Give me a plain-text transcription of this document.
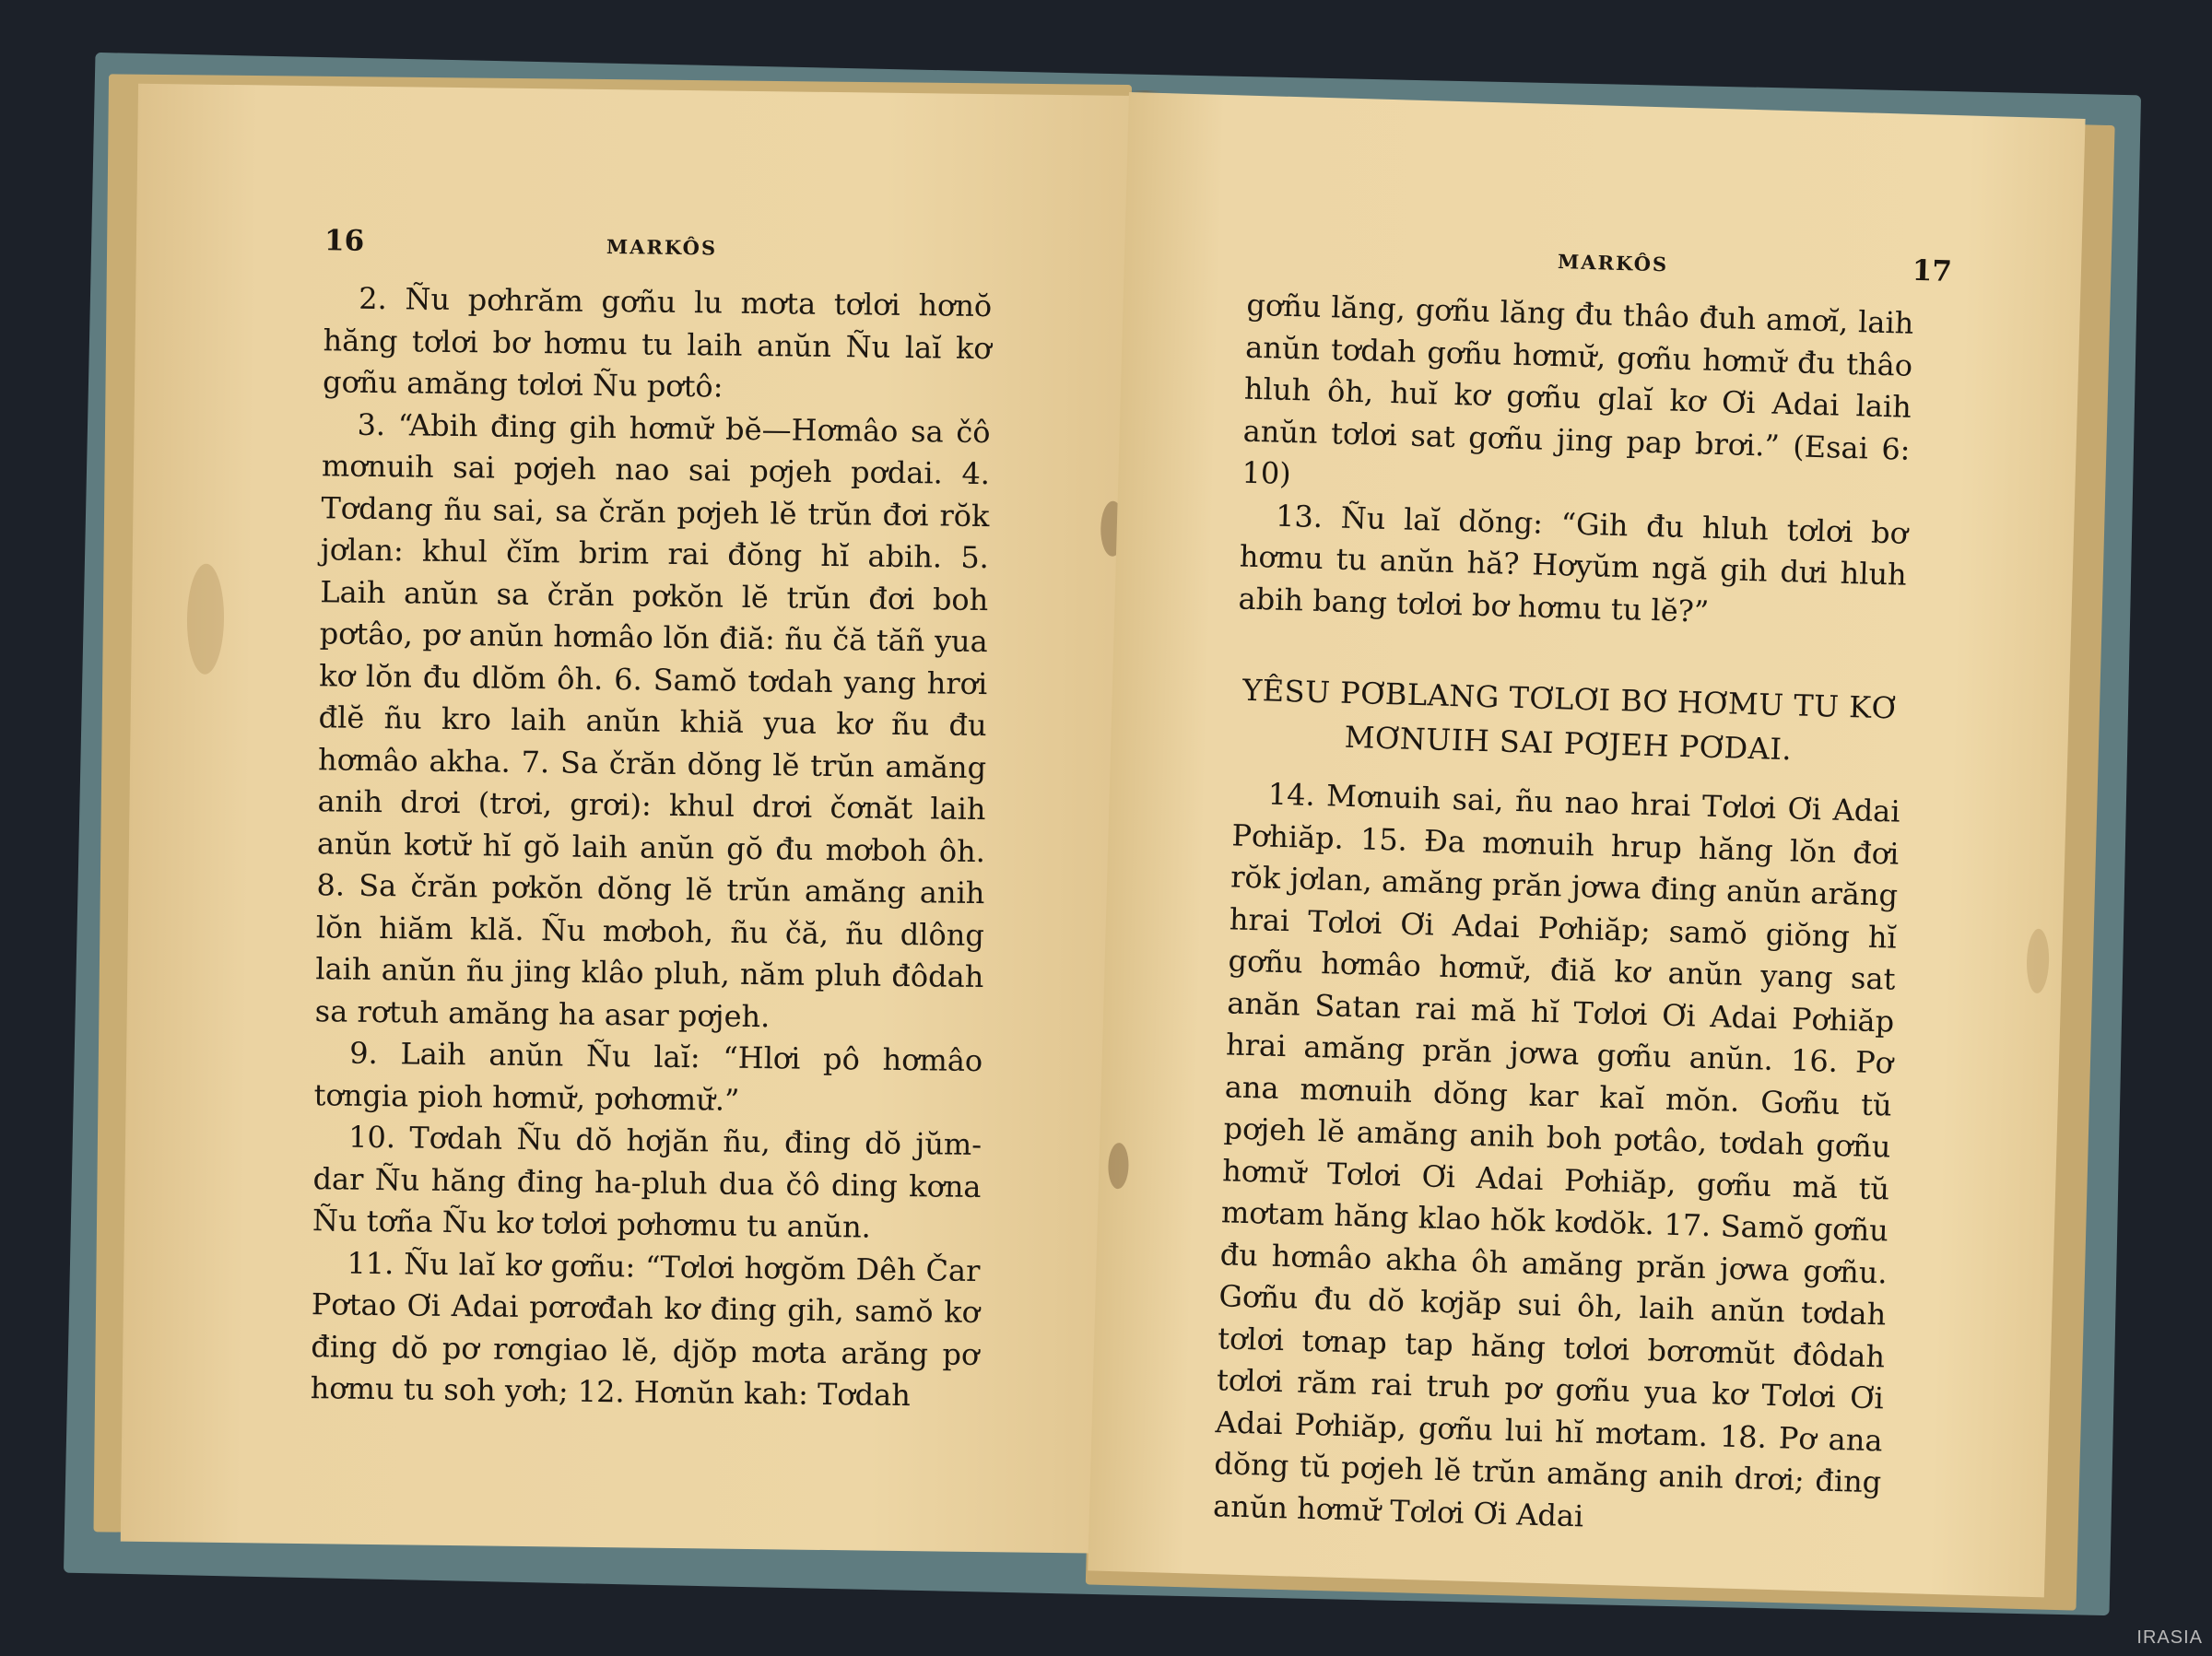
16	MARKÔS

2. Ñu pơhrăm gơñu lu mơta tơlơi hơnŏ hăng tơlơi bơ hơmu tu laih anŭn Ñu laĭ kơ gơñu amăng tơlơi Ñu pơtô:

3. “Abih đing gih hơmư̆ bĕ—Hơmâo sa čô mơnuih sai pơjeh nao sai pơjeh pơdai. 4. Tơdang ñu sai, sa črăn pơjeh lĕ trŭn đơi rŏk jơlan: khul čĭm brim rai đŏng hĭ abih. 5. Laih anŭn sa črăn pơkŏn lĕ trŭn đơi boh pơtâo, pơ anŭn hơmâo lŏn điă: ñu čă tăñ yua kơ lŏn đu dlŏm ôh. 6. Samŏ tơdah yang hrơi đlĕ ñu kro laih anŭn khiă yua kơ ñu đu hơmâo akha. 7. Sa črăn dŏng lĕ trŭn amăng anih drơi (trơi, grơi): khul drơi čơnăt laih anŭn kơtư̆ hĭ gŏ laih anŭn gŏ đu mơboh ôh. 8. Sa črăn pơkŏn dŏng lĕ trŭn amăng anih lŏn hiăm klă. Ñu mơboh, ñu čă, ñu dlông laih anŭn ñu jing klâo pluh, năm pluh đôdah sa rơtuh amăng ha asar pơjeh.

9. Laih anŭn Ñu laĭ: “Hlơi pô hơmâo tơngia pioh hơmư̆, pơhơmư̆.”

10. Tơdah Ñu dŏ hơjăn ñu, đing dŏ jŭm-dar Ñu hăng đing ha-pluh dua čô ding kơna Ñu tơña Ñu kơ tơlơi pơhơmu tu anŭn.

11. Ñu laĭ kơ gơñu: “Tơlơi hơgŏm Dêh Čar Pơtao Ơi Adai pơrơđah kơ đing gih, samŏ kơ đing dŏ pơ rơngiao lĕ, djŏp mơta arăng pơ hơmu tu soh yơh; 12. Hơnŭn kah: Tơdah

MARKÔS	17

gơñu lăng, gơñu lăng đu thâo đuh amơĭ, laih anŭn tơdah gơñu hơmư̆, gơñu hơmư̆ đu thâo hluh ôh, huĭ kơ gơñu glaĭ kơ Ơi Adai laih anŭn tơlơi sat gơñu jing pap brơi.” (Esai 6: 10)

13. Ñu laĭ dŏng: “Gih đu hluh tơlơi bơ hơmu tu anŭn hă? Hơyŭm ngă gih dưi hluh abih bang tơlơi bơ hơmu tu lĕ?”

YÊSU PƠBLANG TƠLƠI BƠ HƠMU TU KƠ
MƠNUIH SAI PƠJEH PƠDAI.

14. Mơnuih sai, ñu nao hrai Tơlơi Ơi Adai Pơhiăp. 15. Đa mơnuih hrup hăng lŏn đơi rŏk jơlan, amăng prăn jơwa đing anŭn arăng hrai Tơlơi Ơi Adai Pơhiăp; samŏ giŏng hĭ gơñu hơmâo hơmư̆, điă kơ anŭn yang sat anăn Satan rai mă hĭ Tơlơi Ơi Adai Pơhiăp hrai amăng prăn jơwa gơñu anŭn. 16. Pơ ana mơnuih dŏng kar kaĭ mŏn. Gơñu tŭ pơjeh lĕ amăng anih boh pơtâo, tơdah gơñu hơmư̆ Tơlơi Ơi Adai Pơhiăp, gơñu mă tŭ mơtam hăng klao hŏk kơdŏk. 17. Samŏ gơñu đu hơmâo akha ôh amăng prăn jơwa gơñu. Gơñu đu dŏ kơjăp sui ôh, laih anŭn tơdah tơlơi tơnap tap hăng tơlơi bơrơmŭt đôdah tơlơi răm rai truh pơ gơñu yua kơ Tơlơi Ơi Adai Pơhiăp, gơñu lui hĭ mơtam. 18. Pơ ana dŏng tŭ pơjeh lĕ trŭn amăng anih drơi; đing anŭn hơmư̆ Tơlơi Ơi Adai

IRASIA
